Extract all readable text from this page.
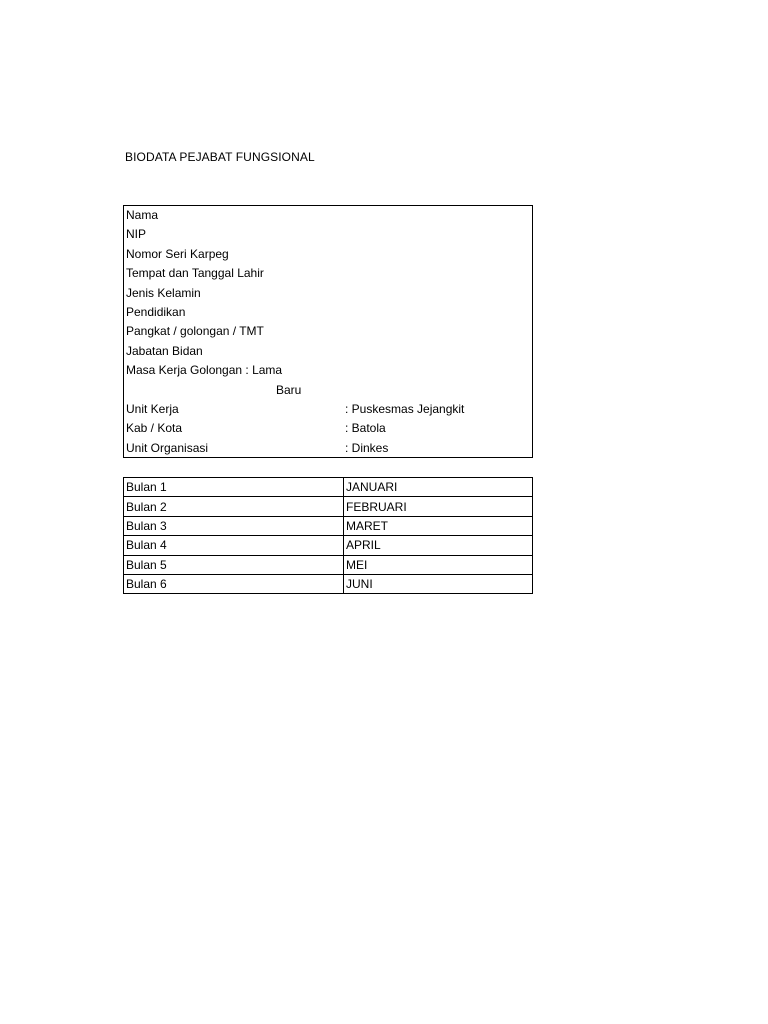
BIODATA PEJABAT FUNGSIONAL
Nama
NIP
Nomor Seri Karpeg
Tempat dan Tanggal Lahir
Jenis Kelamin
Pendidikan
Pangkat / golongan / TMT
Jabatan Bidan
Masa Kerja Golongan : Lama
Baru
Unit Kerja	: Puskesmas Jejangkit
Kab / Kota	: Batola
Unit Organisasi	: Dinkes
Bulan 1	JANUARI
Bulan 2	FEBRUARI
Bulan 3	MARET
Bulan 4	APRIL
Bulan 5	MEI
Bulan 6	JUNI
